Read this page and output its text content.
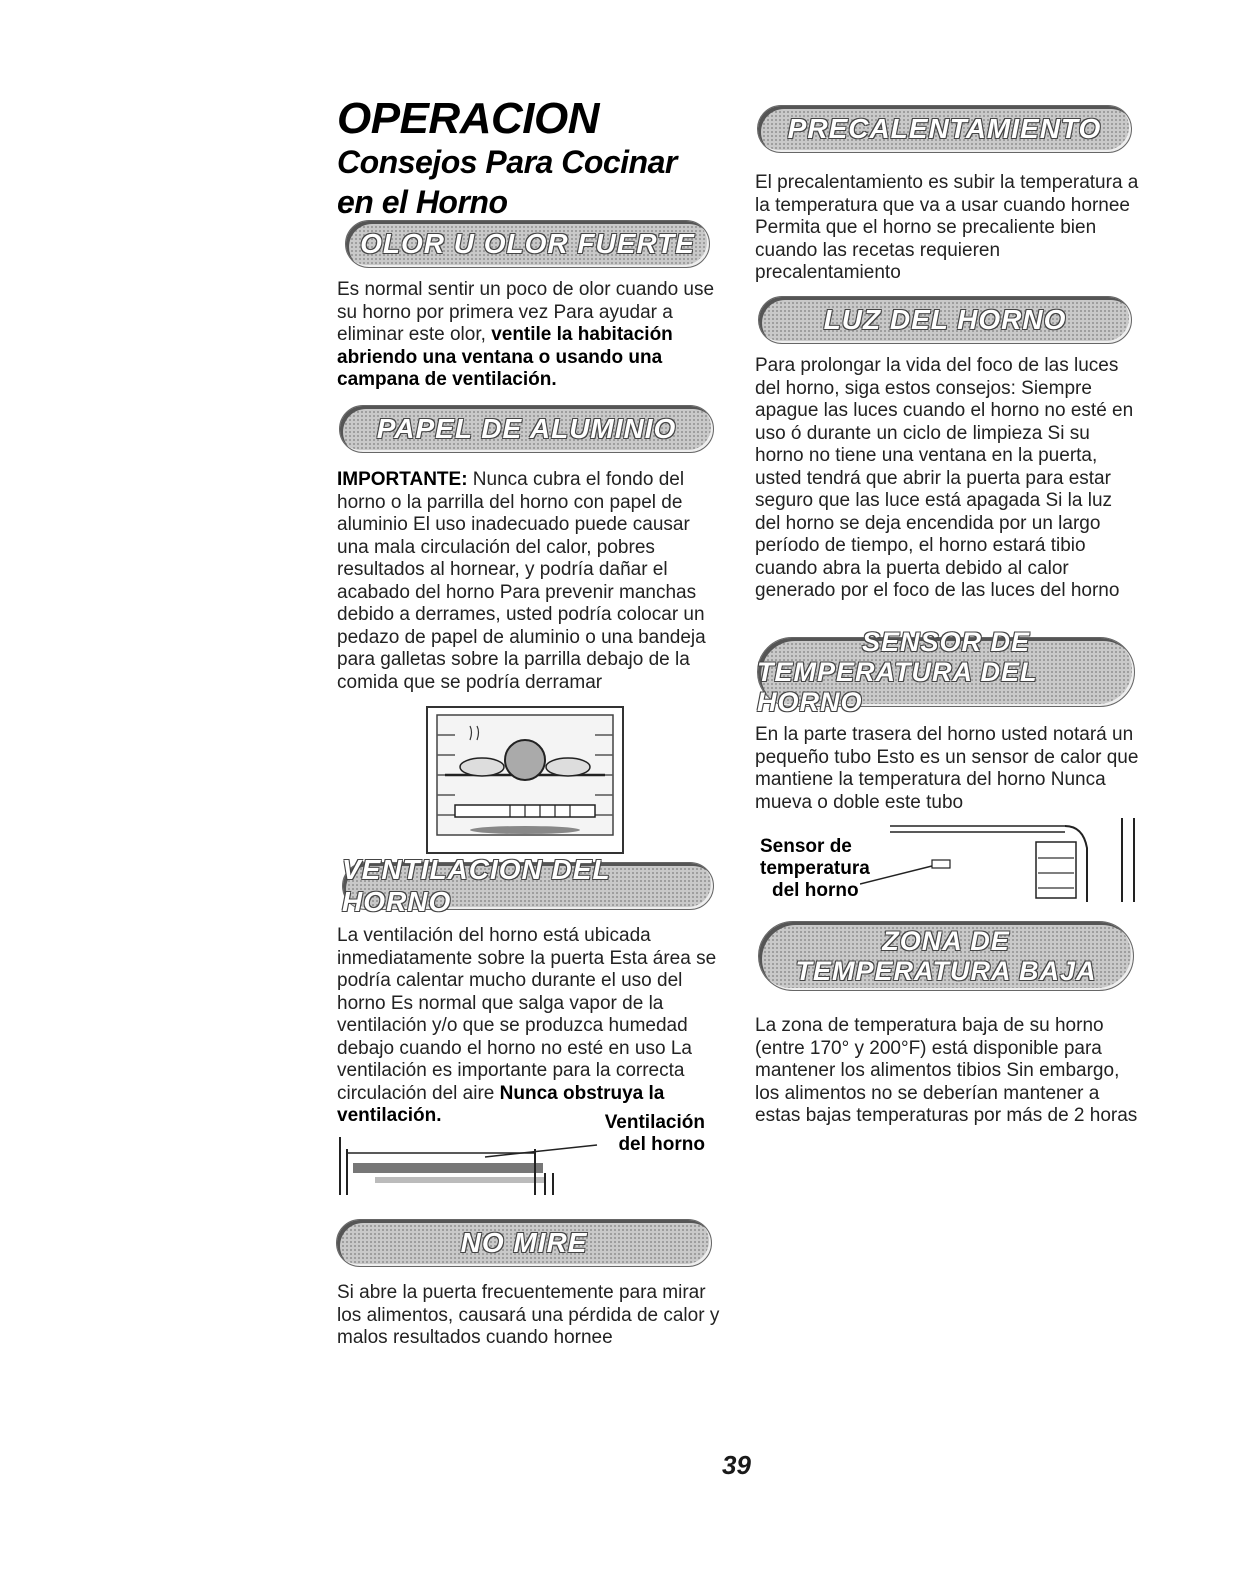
OPERACION
Consejos Para Cocinar
en el Horno
OLOR U OLOR FUERTE

Es normal sentir un poco de olor cuando use su horno por primera vez Para ayudar a eliminar este olor, ventile la habitación abriendo una ventana o usando una campana de ventilación.

PAPEL DE ALUMINIO

IMPORTANTE: Nunca cubra el fondo del horno o la parrilla del horno con papel de aluminio El uso inadecuado puede causar una mala circulación del calor, pobres resultados al hornear, y podría dañar el acabado del horno Para prevenir manchas debido a derrames, usted podría colocar un pedazo de papel de aluminio o una bandeja para galletas sobre la parrilla debajo de la comida que se podría derramar

VENTILACION DEL HORNO

La ventilación del horno está ubicada inmediatamente sobre la puerta Esta área se podría calentar mucho durante el uso del horno Es normal que salga vapor de la ventilación y/o que se produzca humedad debajo cuando el horno no esté en uso La ventilación es importante para la correcta circulación del aire Nunca obstruya la ventilación.	Ventilación
del horno
NO MIRE

Si abre la puerta frecuentemente para mirar los alimentos, causará una pérdida de calor y malos resultados cuando hornee

PRECALENTAMIENTO

El precalentamiento es subir la temperatura a la temperatura que va a usar cuando hornee Permita que el horno se precaliente bien cuando las recetas requieren precalentamiento

LUZ DEL HORNO

Para prolongar la vida del foco de las luces del horno, siga estos consejos: Siempre apague las luces cuando el horno no esté en uso ó durante un ciclo de limpieza Si su horno no tiene una ventana en la puerta, usted tendrá que abrir la puerta para estar seguro que las luce está apagada Si la luz del horno se deja encendida por un largo período de tiempo, el horno estará tibio cuando abra la puerta debido al calor generado por el foco de las luces del horno

SENSOR DE
TEMPERATURA DEL HORNO

En la parte trasera del horno usted notará un pequeño tubo Esto es un sensor de calor que mantiene la temperatura del horno Nunca mueva o doble este tubo

Sensor de
temperatura
del horno
ZONA DE
TEMPERATURA BAJA

La zona de temperatura baja de su horno (entre 170° y 200°F) está disponible para mantener los alimentos tibios Sin embargo, los alimentos no se deberían mantener a estas bajas temperaturas por más de 2 horas

39
